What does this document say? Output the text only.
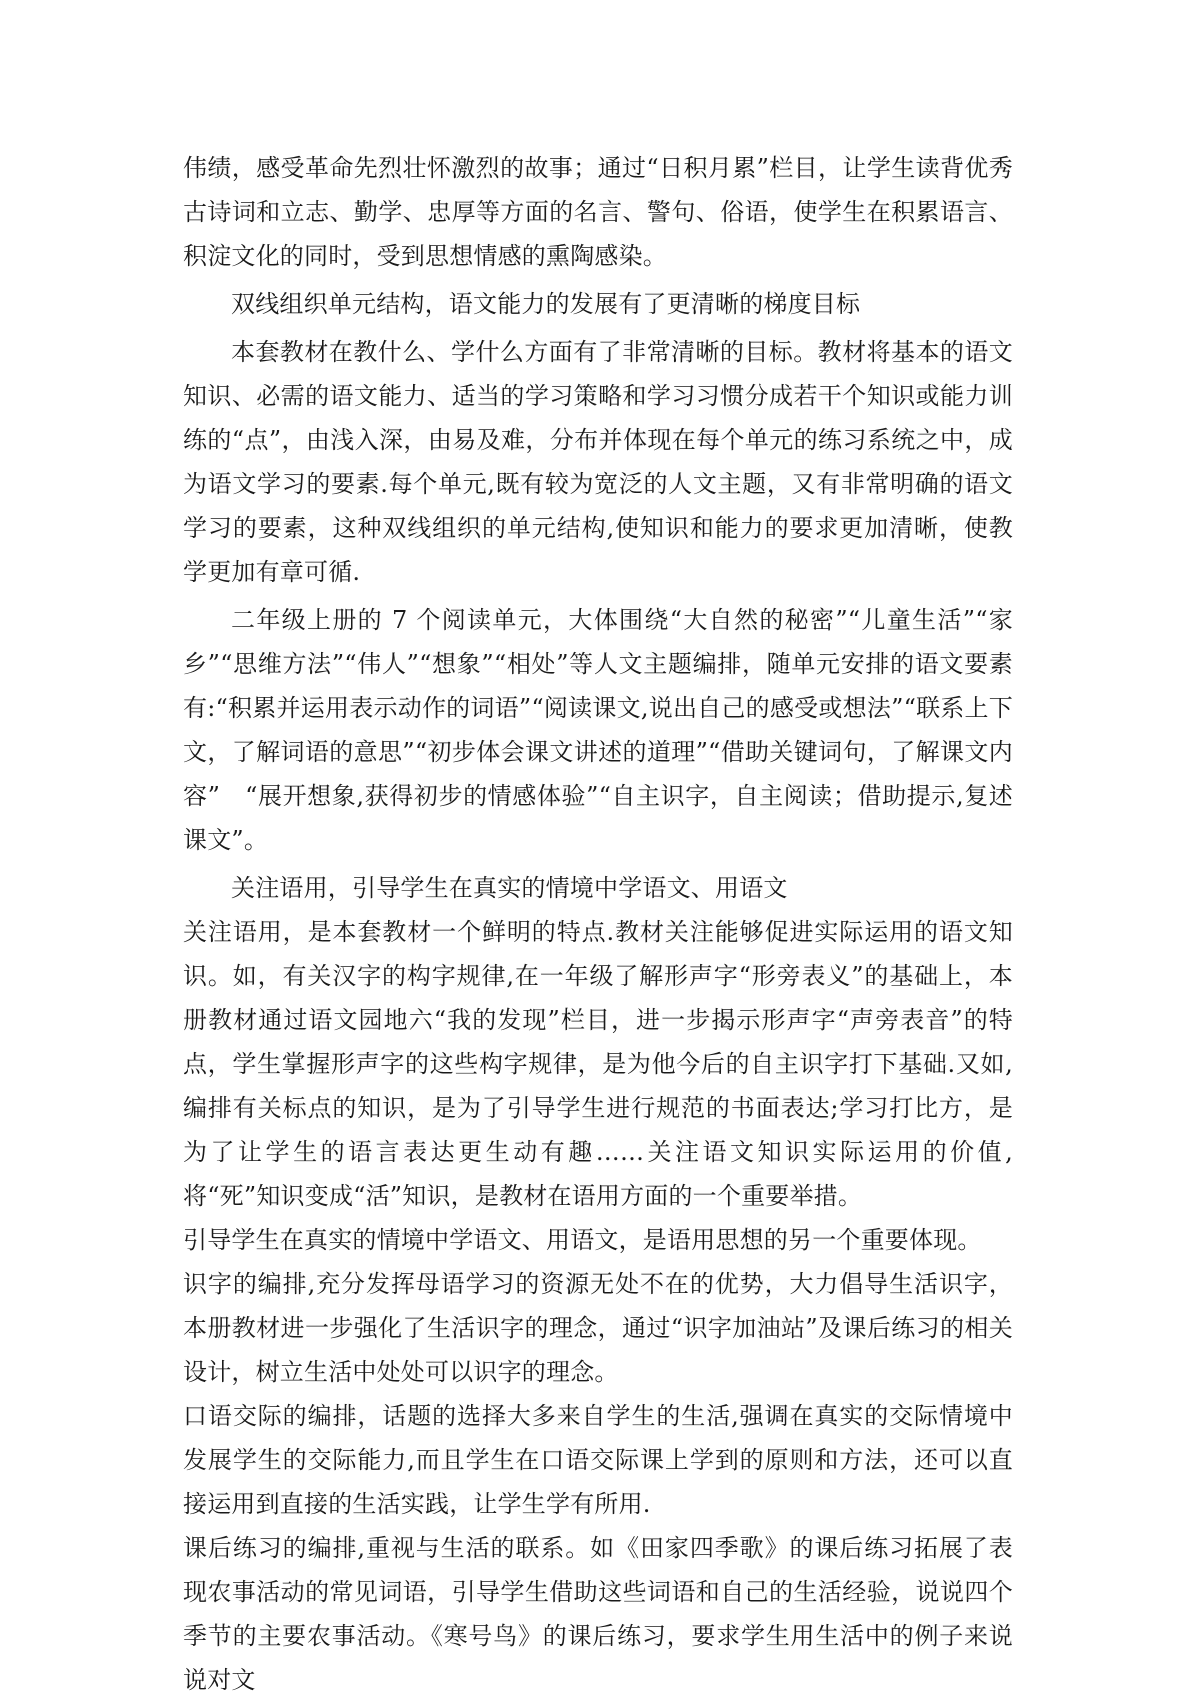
伟绩，感受革命先烈壮怀激烈的故事；通过“日积月累”栏目，让学生读背优秀古诗词和立志、勤学、忠厚等方面的名言、警句、俗语，使学生在积累语言、积淀文化的同时，受到思想情感的熏陶感染。

双线组织单元结构，语文能力的发展有了更清晰的梯度目标

本套教材在教什么、学什么方面有了非常清晰的目标。教材将基本的语文知识、必需的语文能力、适当的学习策略和学习习惯分成若干个知识或能力训练的“点”，由浅入深，由易及难，分布并体现在每个单元的练习系统之中，成为语文学习的要素.每个单元,既有较为宽泛的人文主题，又有非常明确的语文学习的要素，这种双线组织的单元结构,使知识和能力的要求更加清晰，使教学更加有章可循.

二年级上册的 7 个阅读单元，大体围绕“大自然的秘密”“儿童生活”“家乡”“思维方法”“伟人”“想象”“相处”等人文主题编排，随单元安排的语文要素有:“积累并运用表示动作的词语”“阅读课文,说出自己的感受或想法”“联系上下文，了解词语的意思”“初步体会课文讲述的道理”“借助关键词句，了解课文内容”　“展开想象,获得初步的情感体验”“自主识字，自主阅读；借助提示,复述课文”。

关注语用，引导学生在真实的情境中学语文、用语文

关注语用，是本套教材一个鲜明的特点.教材关注能够促进实际运用的语文知识。如，有关汉字的构字规律,在一年级了解形声字“形旁表义”的基础上，本册教材通过语文园地六“我的发现”栏目，进一步揭示形声字“声旁表音”的特点，学生掌握形声字的这些构字规律，是为他今后的自主识字打下基础.又如,编排有关标点的知识，是为了引导学生进行规范的书面表达;学习打比方，是为了让学生的语言表达更生动有趣……关注语文知识实际运用的价值,将“死”知识变成“活”知识，是教材在语用方面的一个重要举措。

引导学生在真实的情境中学语文、用语文，是语用思想的另一个重要体现。

识字的编排,充分发挥母语学习的资源无处不在的优势，大力倡导生活识字，本册教材进一步强化了生活识字的理念，通过“识字加油站”及课后练习的相关设计，树立生活中处处可以识字的理念。

口语交际的编排，话题的选择大多来自学生的生活,强调在真实的交际情境中发展学生的交际能力,而且学生在口语交际课上学到的原则和方法，还可以直接运用到直接的生活实践，让学生学有所用.

课后练习的编排,重视与生活的联系。如《田家四季歌》的课后练习拓展了表现农事活动的常见词语，引导学生借助这些词语和自己的生活经验，说说四个季节的主要农事活动。《寒号鸟》的课后练习，要求学生用生活中的例子来说说对文
